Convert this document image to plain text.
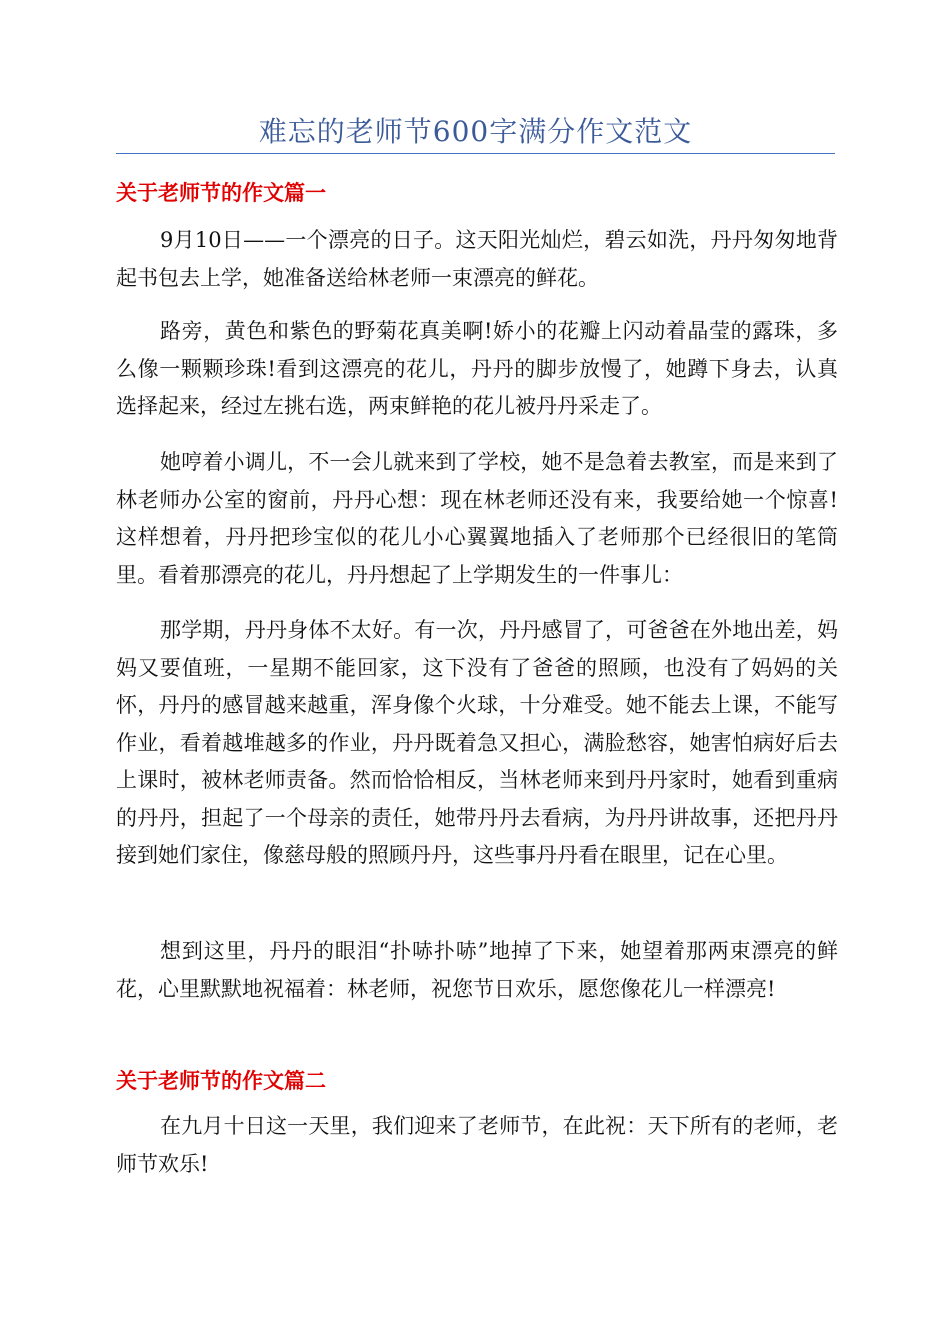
难忘的老师节600字满分作文范文
关于老师节的作文篇一

9月10日——一个漂亮的日子。这天阳光灿烂，碧云如洗，丹丹匆匆地背起书包去上学，她准备送给林老师一束漂亮的鲜花。

路旁，黄色和紫色的野菊花真美啊!娇小的花瓣上闪动着晶莹的露珠，多么像一颗颗珍珠!看到这漂亮的花儿，丹丹的脚步放慢了，她蹲下身去，认真选择起来，经过左挑右选，两束鲜艳的花儿被丹丹采走了。

她哼着小调儿，不一会儿就来到了学校，她不是急着去教室，而是来到了林老师办公室的窗前，丹丹心想：现在林老师还没有来，我要给她一个惊喜!这样想着，丹丹把珍宝似的花儿小心翼翼地插入了老师那个已经很旧的笔筒里。看着那漂亮的花儿，丹丹想起了上学期发生的一件事儿：

那学期，丹丹身体不太好。有一次，丹丹感冒了，可爸爸在外地出差，妈妈又要值班，一星期不能回家，这下没有了爸爸的照顾，也没有了妈妈的关怀，丹丹的感冒越来越重，浑身像个火球，十分难受。她不能去上课，不能写作业，看着越堆越多的作业，丹丹既着急又担心，满脸愁容，她害怕病好后去上课时，被林老师责备。然而恰恰相反，当林老师来到丹丹家时，她看到重病的丹丹，担起了一个母亲的责任，她带丹丹去看病，为丹丹讲故事，还把丹丹接到她们家住，像慈母般的照顾丹丹，这些事丹丹看在眼里，记在心里。

想到这里，丹丹的眼泪“扑哧扑哧”地掉了下来，她望着那两束漂亮的鲜花，心里默默地祝福着：林老师，祝您节日欢乐，愿您像花儿一样漂亮!

关于老师节的作文篇二

在九月十日这一天里，我们迎来了老师节，在此祝：天下所有的老师，老师节欢乐!
